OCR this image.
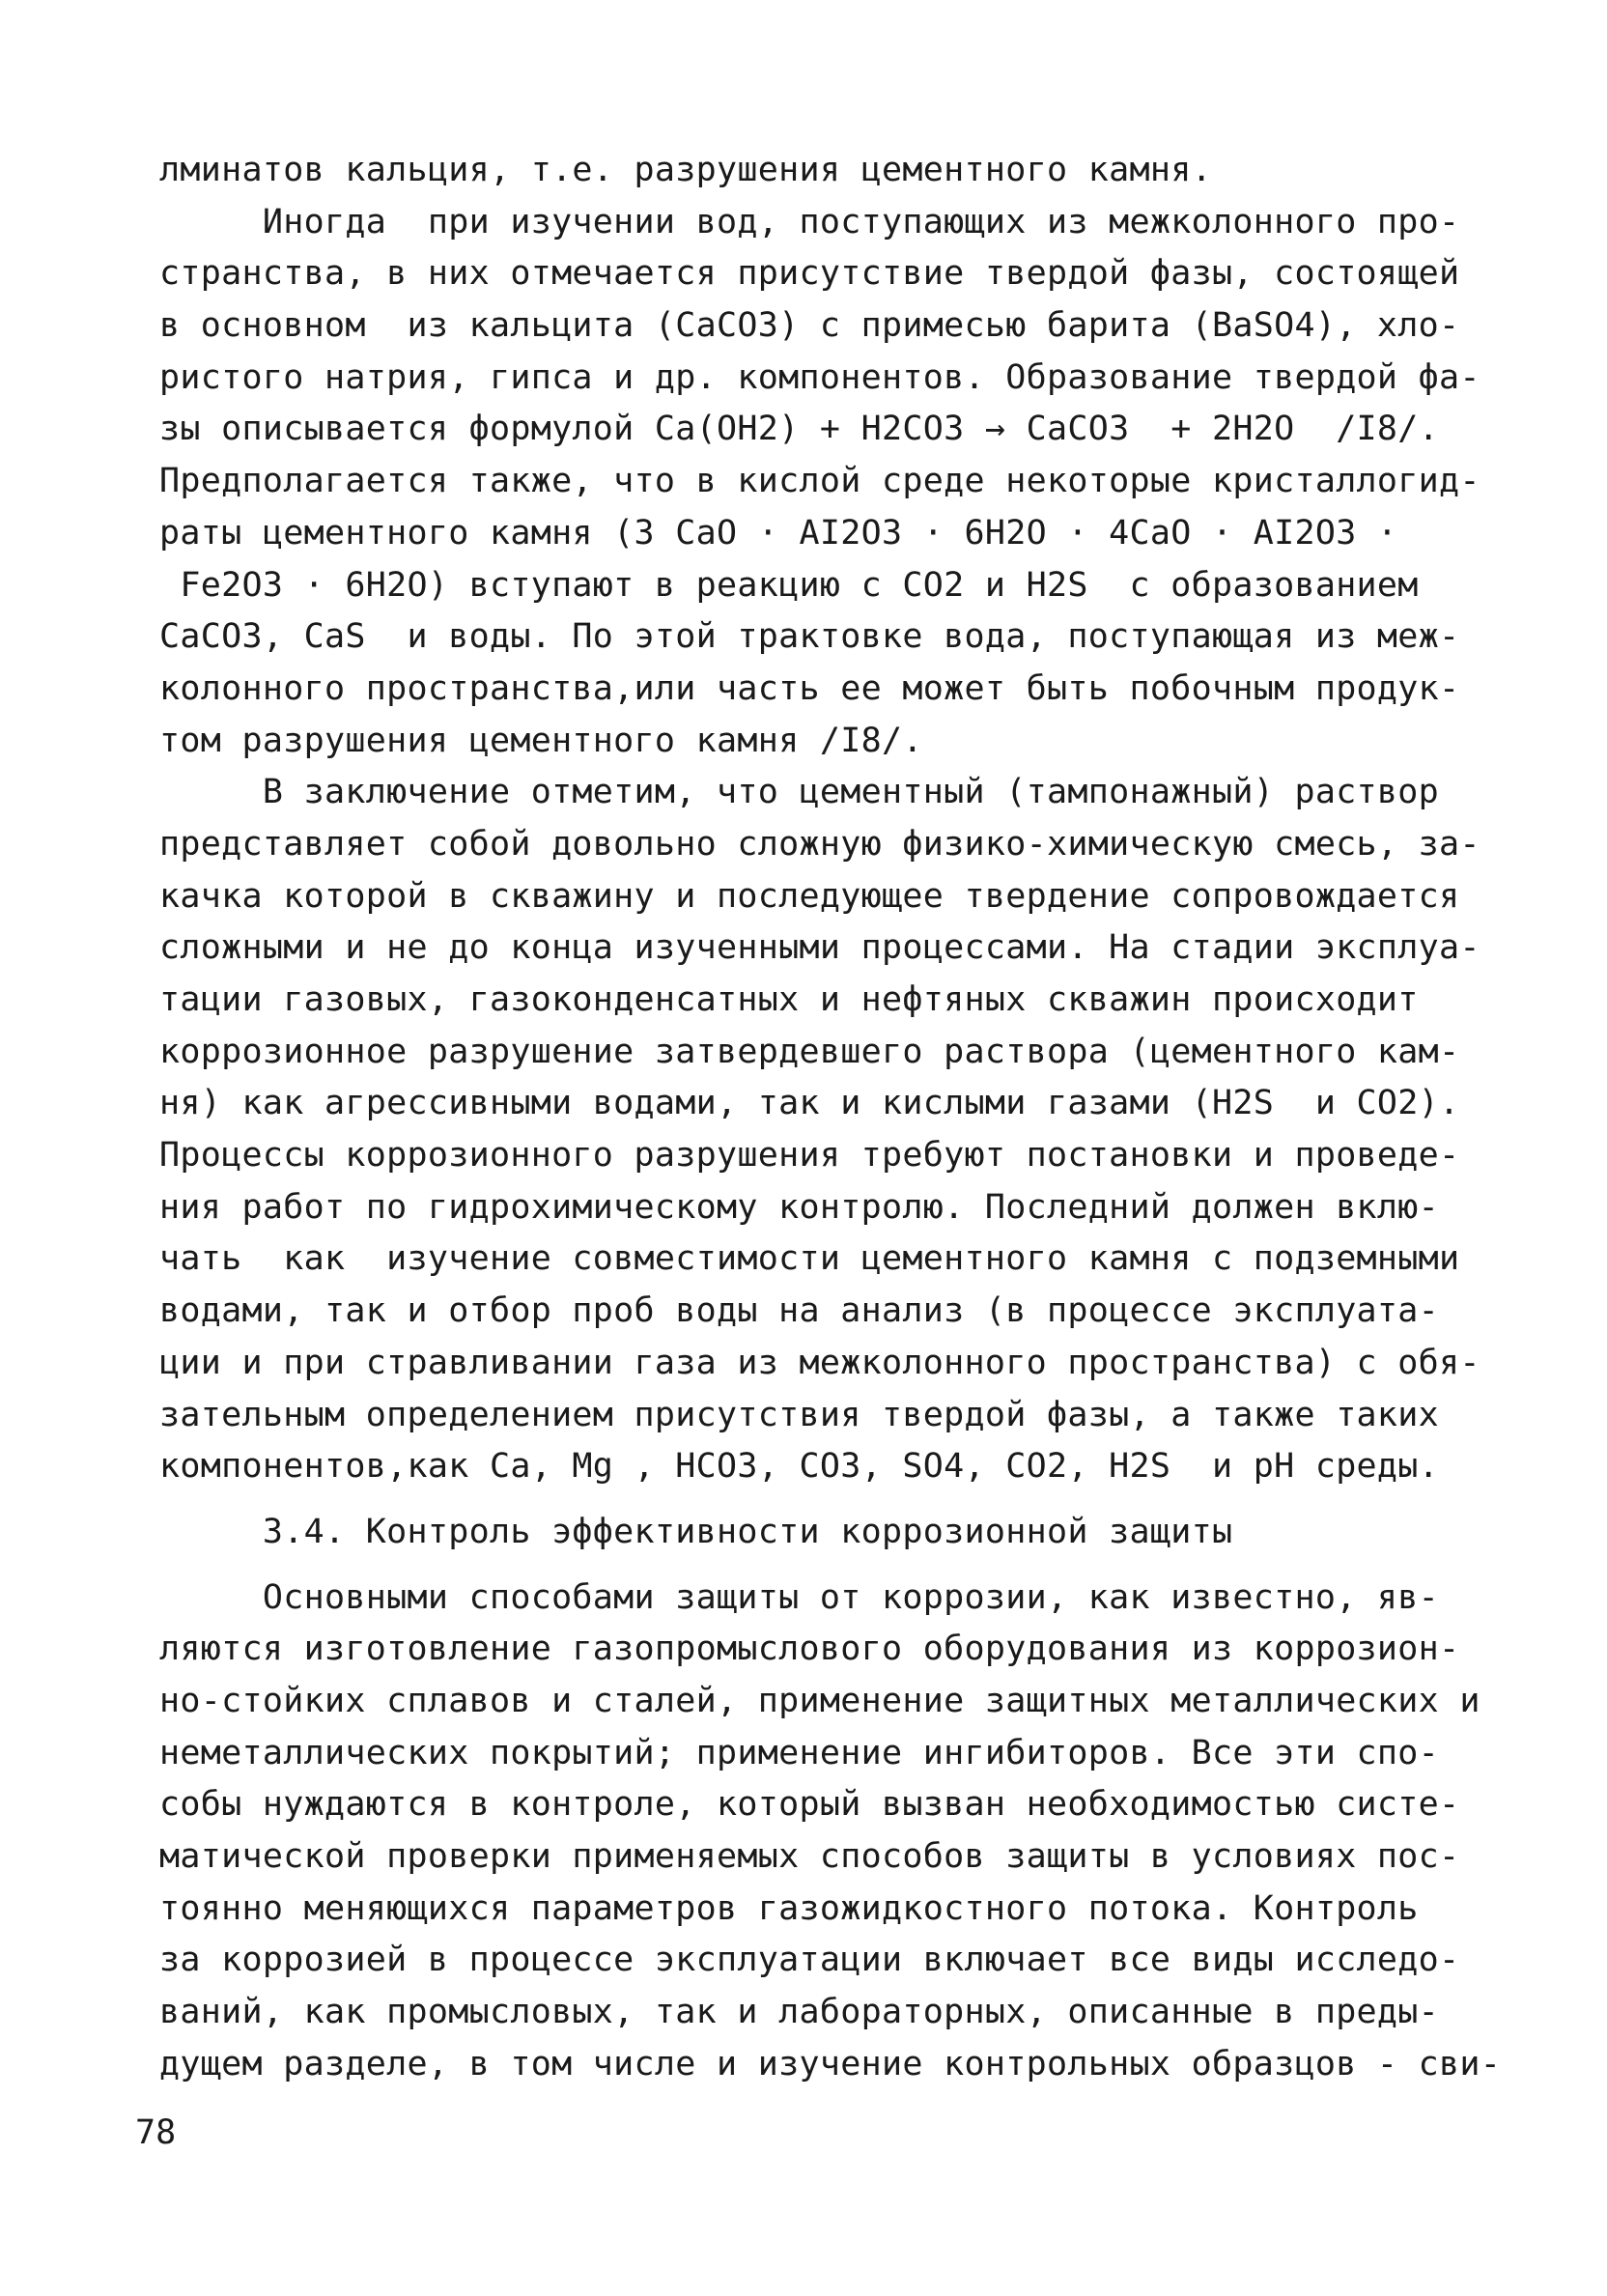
лминатов кальция, т.е. разрушения цементного камня.
Иногда  при изучении вод, поступающих из межколонного про-
странства, в них отмечается присутствие твердой фазы, состоящей
в основном  из кальцита (CaCO3) с примесью барита (BaSO4), хло-
ристого натрия, гипса и др. компонентов. Образование твердой фа-
зы описывается формулой Ca(OH2) + H2CO3 → CaCO3  + 2H2O  /I8/.
Предполагается также, что в кислой среде некоторые кристаллогид-
раты цементного камня (3 CaO · AI2O3 · 6H2O · 4CaO · AI2O3 ·
Fe2O3 · 6H2O) вступают в реакцию с CO2 и H2S  с образованием
CaCO3, CaS  и воды. По этой трактовке вода, поступающая из меж-
колонного пространства,или часть ее может быть побочным продук-
том разрушения цементного камня /I8/.
В заключение отметим, что цементный (тампонажный) раствор
представляет собой довольно сложную физико-химическую смесь, за-
качка которой в скважину и последующее твердение сопровождается
сложными и не до конца изученными процессами. На стадии эксплуа-
тации газовых, газоконденсатных и нефтяных скважин происходит
коррозионное разрушение затвердевшего раствора (цементного кам-
ня) как агрессивными водами, так и кислыми газами (H2S  и CO2).
Процессы коррозионного разрушения требуют постановки и проведе-
ния работ по гидрохимическому контролю. Последний должен вклю-
чать  как  изучение совместимости цементного камня с подземными
водами, так и отбор проб воды на анализ (в процессе эксплуата-
ции и при стравливании газа из межколонного пространства) с обя-
зательным определением присутствия твердой фазы, а также таких
компонентов,как Ca, Mg , HCO3, CO3, SO4, CO2, H2S  и pH среды.
3.4. Контроль эффективности коррозионной защиты
Основными способами защиты от коррозии, как известно, яв-
ляются изготовление газопромыслового оборудования из коррозион-
но-стойких сплавов и сталей, применение защитных металлических и
неметаллических покрытий; применение ингибиторов. Все эти спо-
собы нуждаются в контроле, который вызван необходимостью систе-
матической проверки применяемых способов защиты в условиях пос-
тоянно меняющихся параметров газожидкостного потока. Контроль
за коррозией в процессе эксплуатации включает все виды исследо-
ваний, как промысловых, так и лабораторных, описанные в преды-
дущем разделе, в том числе и изучение контрольных образцов - сви-
78
